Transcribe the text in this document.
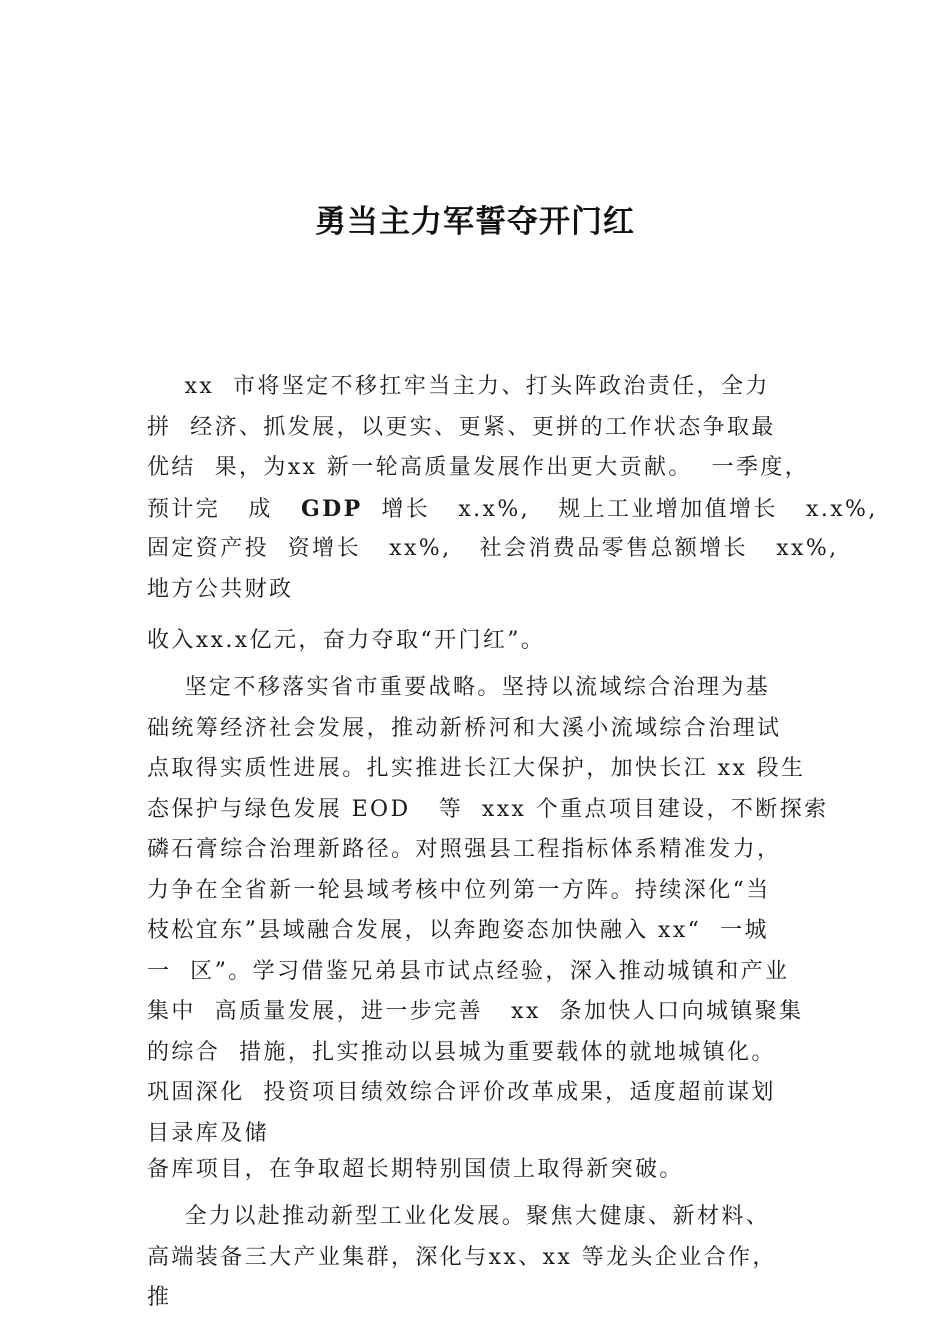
勇当主力军誓夺开门红
xx  市将坚定不移扛牢当主力、打头阵政治责任，全力
拼  经济、抓发展，以更实、更紧、更拼的工作状态争取最
优结  果，为xx 新一轮高质量发展作出更大贡献。  一季度，
预计完   成   GDP  增长   x.x%,   规上工业增加值增长   x.x%,
固定资产投  资增长   xx%,   社会消费品零售总额增长   xx%,
地方公共财政
收入xx.x亿元，奋力夺取“开门红”。
坚定不移落实省市重要战略。坚持以流域综合治理为基
础统筹经济社会发展，推动新桥河和大溪小流域综合治理试
点取得实质性进展。扎实推进长江大保护，加快长江 xx 段生
态保护与绿色发展 EOD   等  xxx 个重点项目建设，不断探索
磷石膏综合治理新路径。对照强县工程指标体系精准发力，
力争在全省新一轮县域考核中位列第一方阵。持续深化“当
枝松宜东”县域融合发展，以奔跑姿态加快融入 xx“  一城
一  区”。学习借鉴兄弟县市试点经验，深入推动城镇和产业
集中  高质量发展，进一步完善   xx  条加快人口向城镇聚集
的综合  措施，扎实推动以县城为重要载体的就地城镇化。
巩固深化  投资项目绩效综合评价改革成果，适度超前谋划
目录库及储
备库项目，在争取超长期特别国债上取得新突破。
全力以赴推动新型工业化发展。聚焦大健康、新材料、
高端装备三大产业集群，深化与xx、xx 等龙头企业合作，
推
